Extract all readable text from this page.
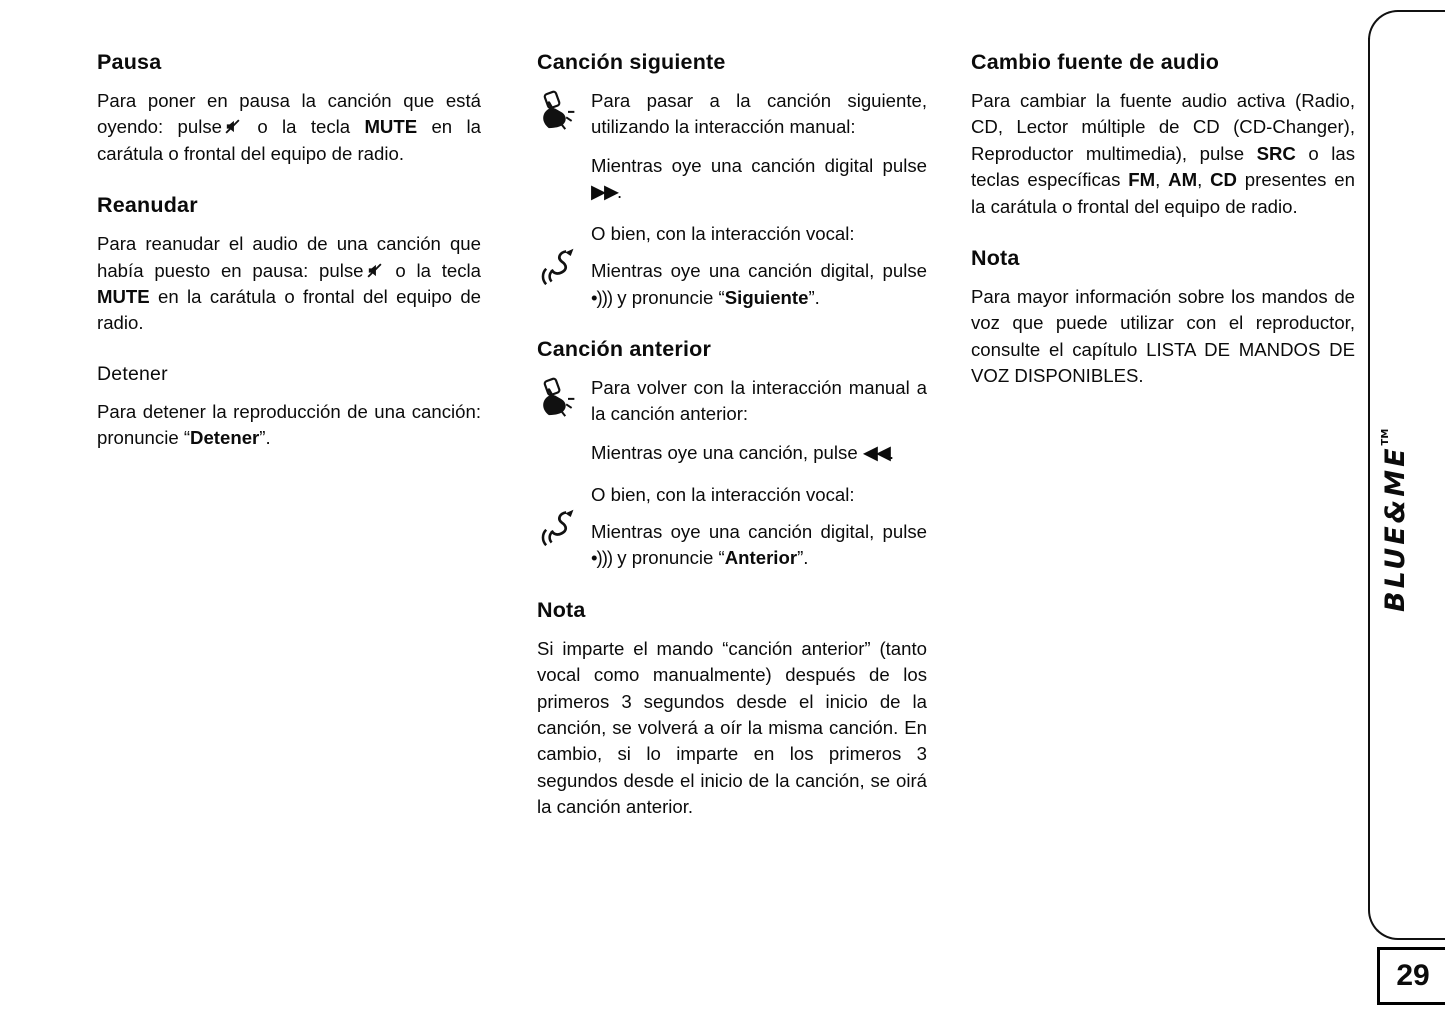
Pausa

Para poner en pausa la canción que está oyendo: pulse o la tecla MUTE en la carátula o frontal del equipo de radio.

Reanudar

Para reanudar el audio de una canción que había puesto en pausa: pulse o la tecla MUTE en la carátula o frontal del equipo de radio.

Detener

Para detener la reproducción de una canción: pronuncie “Detener”.

Canción siguiente

Para pasar a la canción siguiente, utilizando la interacción manual:

Mientras oye una canción digital pulse ▶▶.

O bien, con la interacción vocal:

Mientras oye una canción digital, pulse •))) y pronuncie “Siguiente”.

Canción anterior

Para volver con la interacción manual a la canción anterior:

Mientras oye una canción, pulse ◀◀.

O bien, con la interacción vocal:

Mientras oye una canción digital, pulse •))) y pronuncie “Anterior”.

Nota

Si imparte el mando “canción anterior” (tanto vocal como manualmente) después de los primeros 3 segundos desde el inicio de la canción, se volverá a oír la misma canción. En cambio, si lo imparte en los primeros 3 segundos desde el inicio de la canción, se oirá la canción anterior.

Cambio fuente de audio

Para cambiar la fuente audio activa (Radio, CD, Lector múltiple de CD (CD-Changer), Reproductor multimedia), pulse SRC o las teclas específicas FM, AM, CD presentes en la carátula o frontal del equipo de radio.

Nota

Para mayor información sobre los mandos de voz que puede utilizar con el reproductor, consulte el capítulo LISTA DE MANDOS DE VOZ DISPONIBLES.

BLUE&ME™
29
